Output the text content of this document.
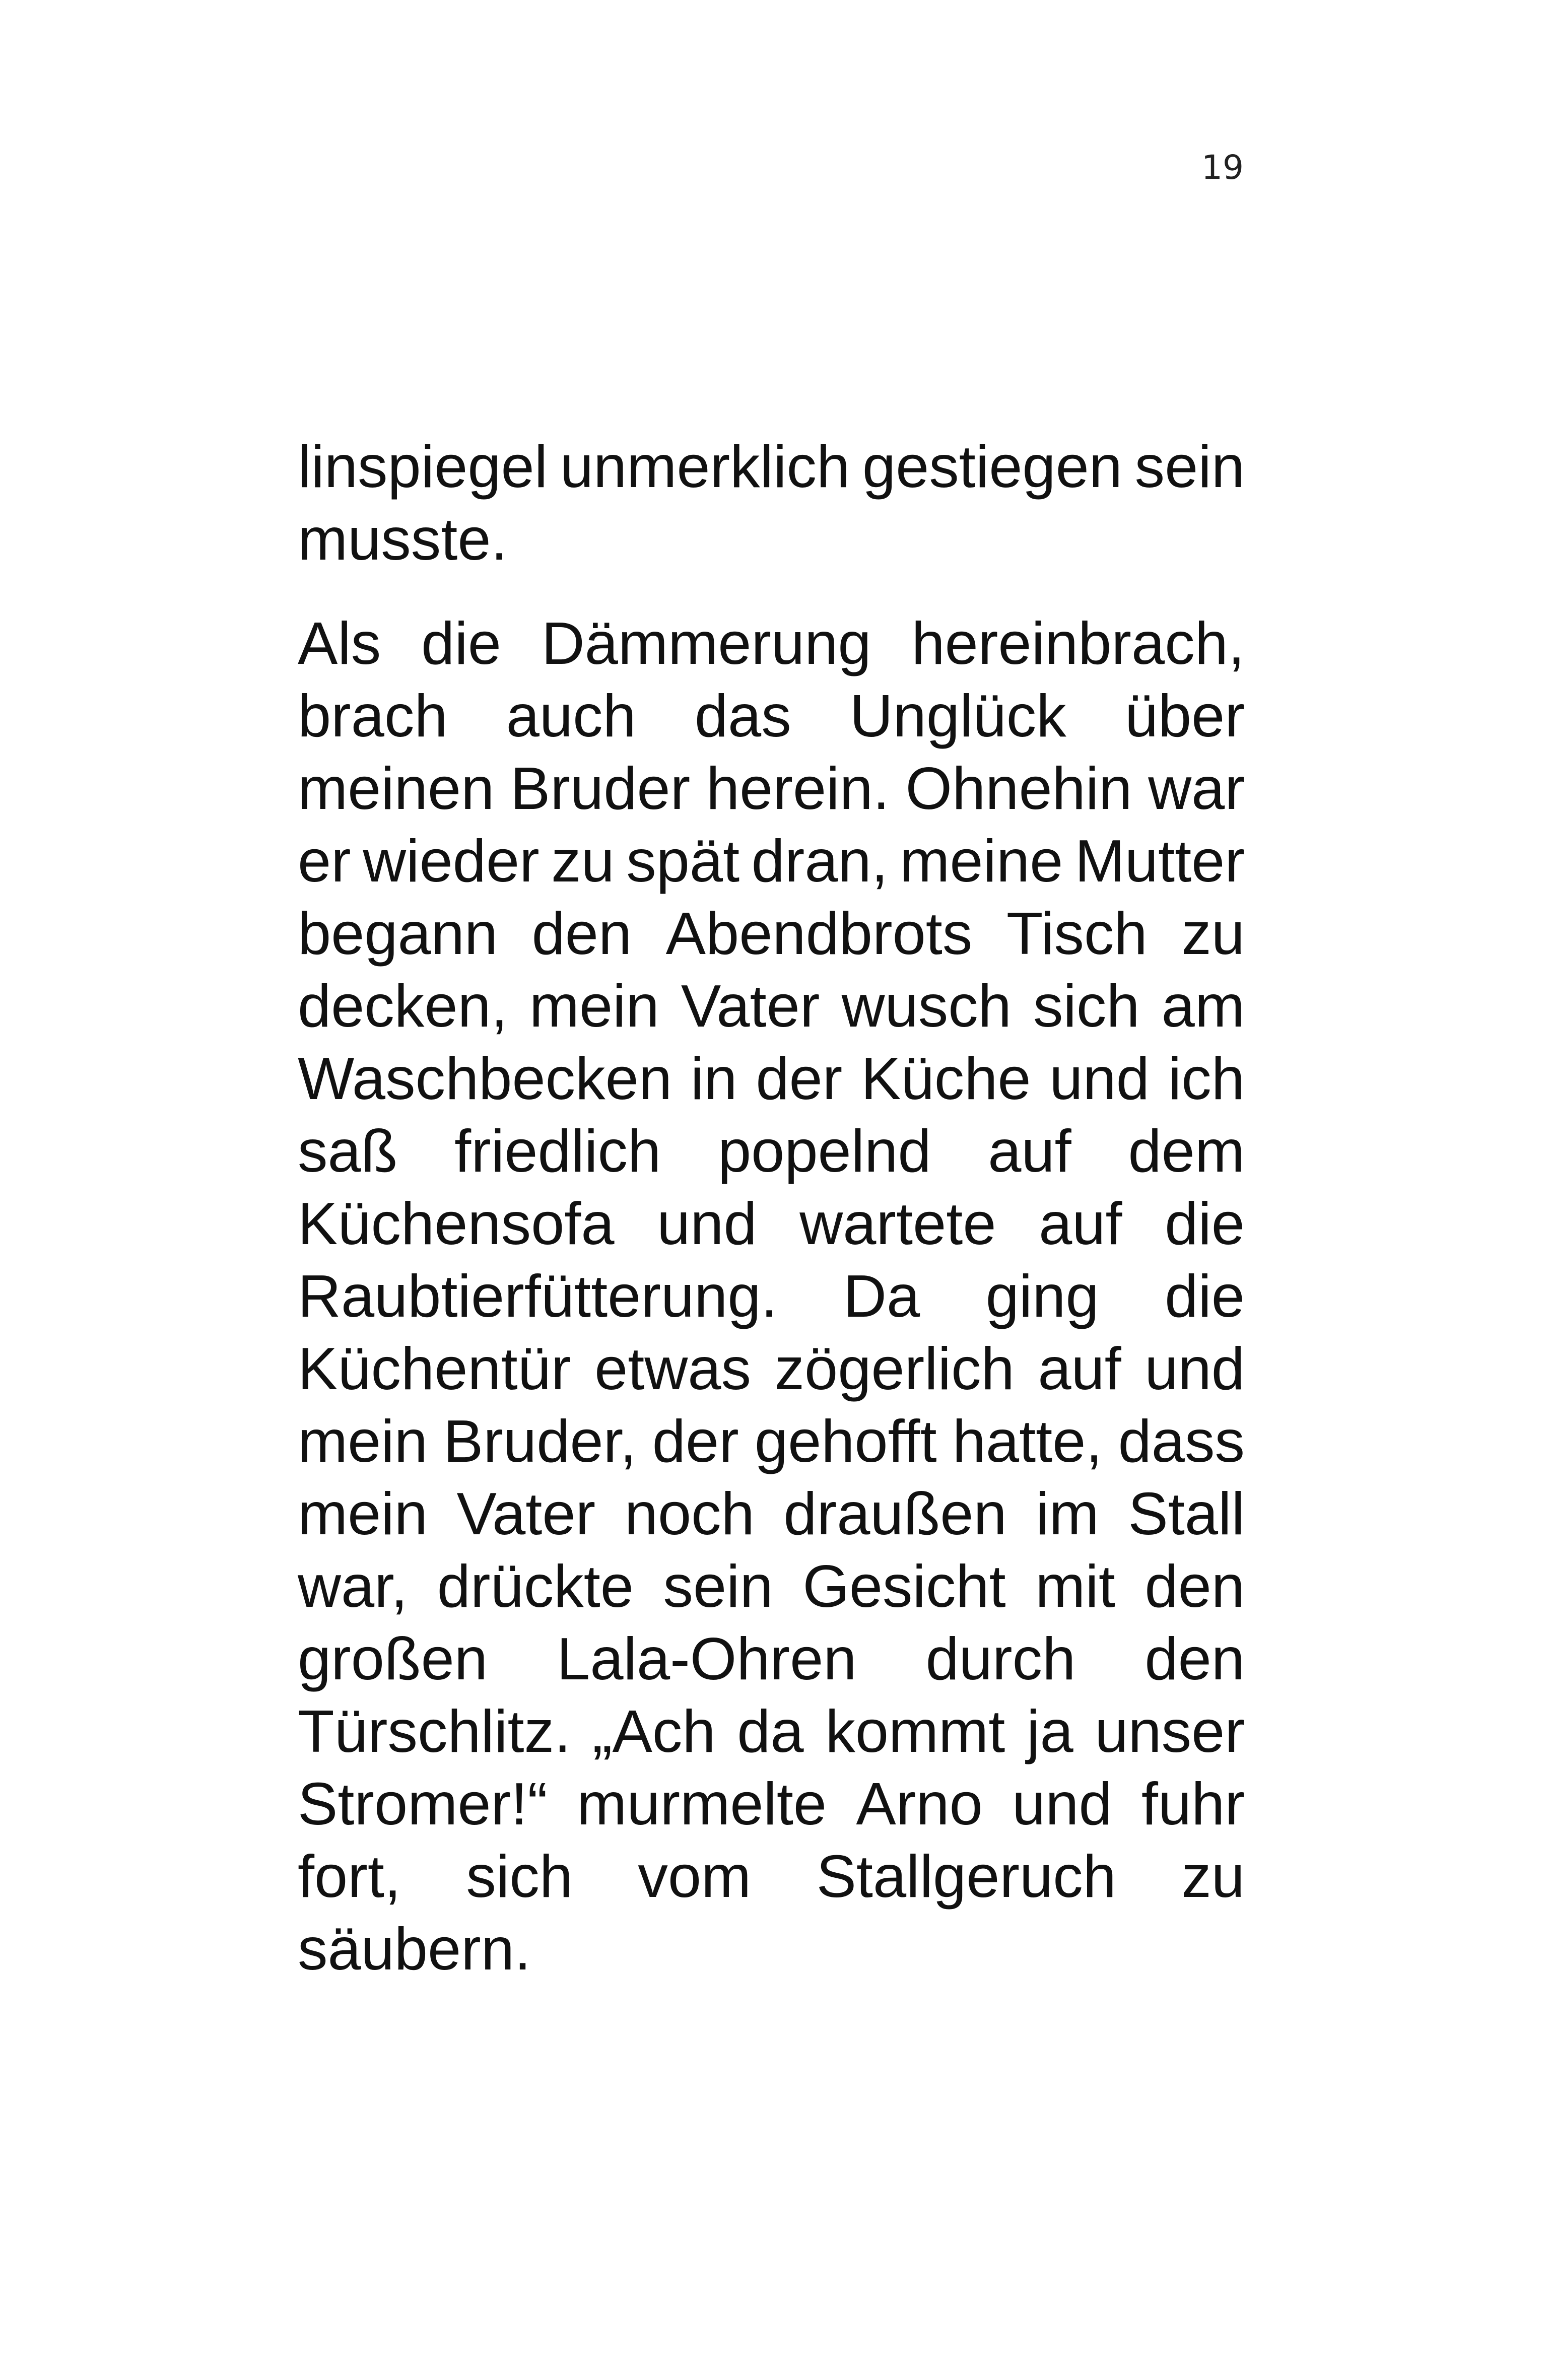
19
linspiegel unmerklich gestiegen sein
musste.
Als die Dämmerung hereinbrach,
brach auch das Unglück über
meinen Bruder herein. Ohnehin war
er wieder zu spät dran, meine Mutter
begann den Abendbrots Tisch zu
decken, mein Vater wusch sich am
Waschbecken in der Küche und ich
saß friedlich popelnd auf dem
Küchensofa und wartete auf die
Raubtierfütterung. Da ging die
Küchentür etwas zögerlich auf und
mein Bruder, der gehofft hatte, dass
mein Vater noch draußen im Stall
war, drückte sein Gesicht mit den
großen Lala-Ohren durch den
Türschlitz. „Ach da kommt ja unser
Stromer!“ murmelte Arno und fuhr
fort, sich vom Stallgeruch zu
säubern.
